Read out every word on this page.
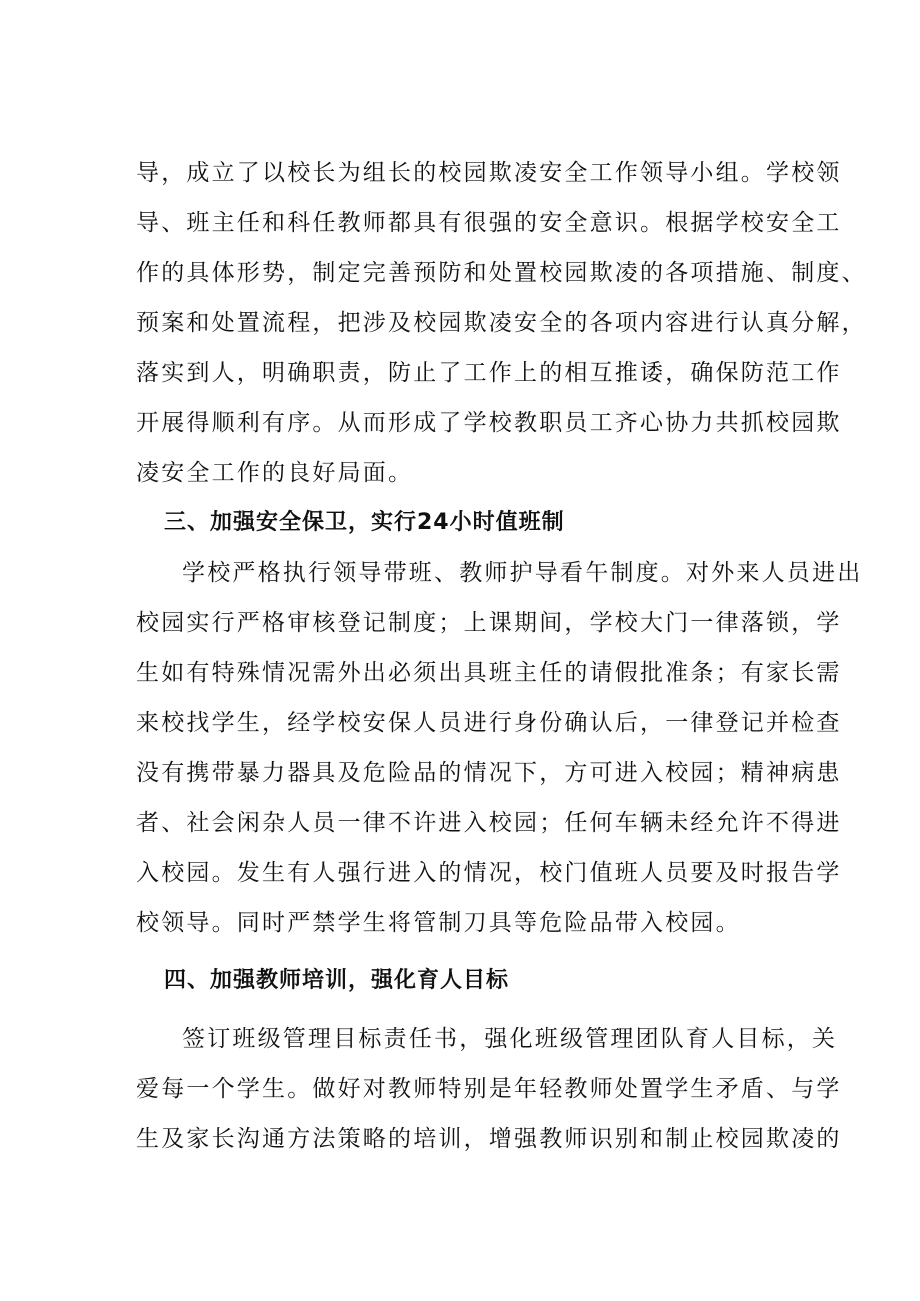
导，成立了以校长为组长的校园欺凌安全工作领导小组。学校领
导、班主任和科任教师都具有很强的安全意识。根据学校安全工
作的具体形势，制定完善预防和处置校园欺凌的各项措施、制度、
预案和处置流程，把涉及校园欺凌安全的各项内容进行认真分解，
落实到人，明确职责，防止了工作上的相互推诿，确保防范工作
开展得顺利有序。从而形成了学校教职员工齐心协力共抓校园欺
凌安全工作的良好局面。

三、加强安全保卫，实行24小时值班制

学校严格执行领导带班、教师护导看午制度。对外来人员进出
校园实行严格审核登记制度；上课期间，学校大门一律落锁，学
生如有特殊情况需外出必须出具班主任的请假批准条；有家长需
来校找学生，经学校安保人员进行身份确认后，一律登记并检查
没有携带暴力器具及危险品的情况下，方可进入校园；精神病患
者、社会闲杂人员一律不许进入校园；任何车辆未经允许不得进
入校园。发生有人强行进入的情况，校门值班人员要及时报告学
校领导。同时严禁学生将管制刀具等危险品带入校园。

四、加强教师培训，强化育人目标

签订班级管理目标责任书，强化班级管理团队育人目标，关
爱每一个学生。做好对教师特别是年轻教师处置学生矛盾、与学
生及家长沟通方法策略的培训，增强教师识别和制止校园欺凌的
